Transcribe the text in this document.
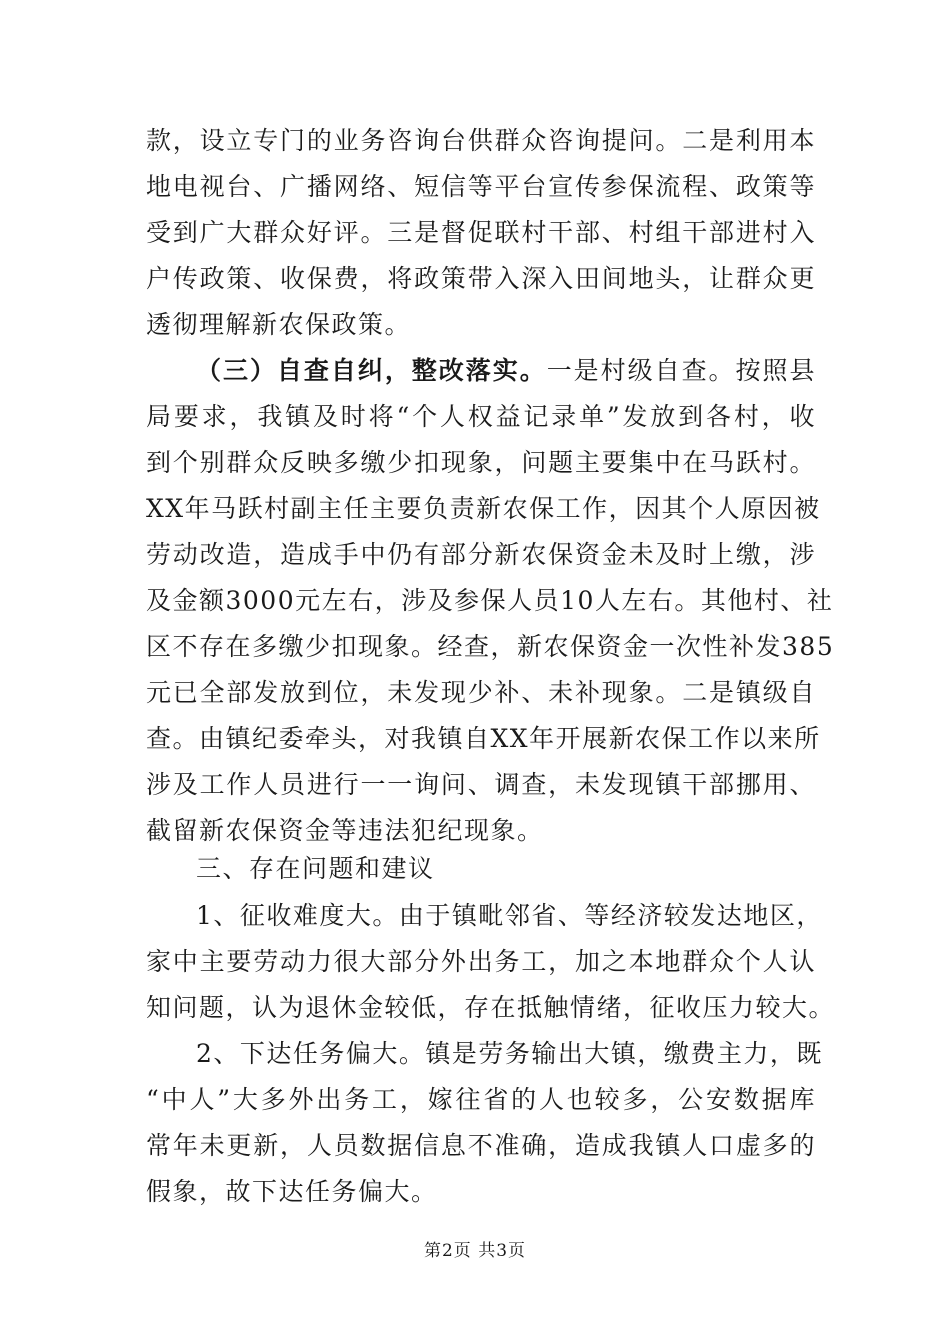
款，设立专门的业务咨询台供群众咨询提问。二是利用本
地电视台、广播网络、短信等平台宣传参保流程、政策等
受到广大群众好评。三是督促联村干部、村组干部进村入
户传政策、收保费，将政策带入深入田间地头，让群众更
透彻理解新农保政策。
（三）自查自纠，整改落实。一是村级自查。按照县
局要求，我镇及时将“个人权益记录单”发放到各村，收
到个别群众反映多缴少扣现象，问题主要集中在马跃村。
XX年马跃村副主任主要负责新农保工作，因其个人原因被
劳动改造，造成手中仍有部分新农保资金未及时上缴，涉
及金额3000元左右，涉及参保人员10人左右。其他村、社
区不存在多缴少扣现象。经查，新农保资金一次性补发385
元已全部发放到位，未发现少补、未补现象。二是镇级自
查。由镇纪委牵头，对我镇自XX年开展新农保工作以来所
涉及工作人员进行一一询问、调查，未发现镇干部挪用、
截留新农保资金等违法犯纪现象。
三、存在问题和建议
1、征收难度大。由于镇毗邻省、等经济较发达地区，
家中主要劳动力很大部分外出务工，加之本地群众个人认
知问题，认为退休金较低，存在抵触情绪，征收压力较大。
2、下达任务偏大。镇是劳务输出大镇，缴费主力，既
“中人”大多外出务工，嫁往省的人也较多，公安数据库
常年未更新，人员数据信息不准确，造成我镇人口虚多的
假象，故下达任务偏大。
第2页 共3页
